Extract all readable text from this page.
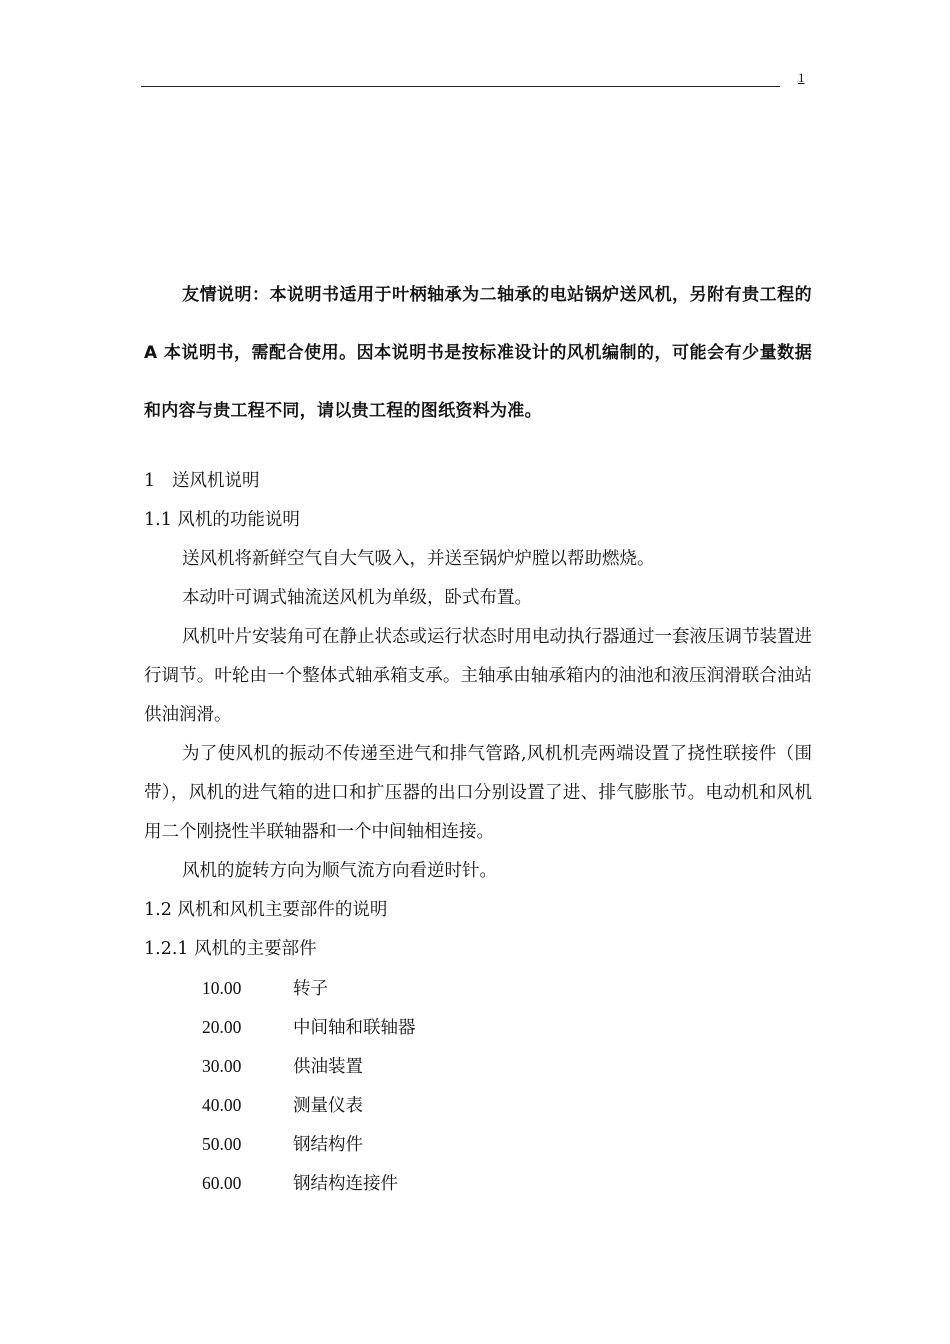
1

友情说明：本说明书适用于叶柄轴承为二轴承的电站锅炉送风机，另附有贵工程的 A 本说明书，需配合使用。因本说明书是按标准设计的风机编制的，可能会有少量数据和内容与贵工程不同，请以贵工程的图纸资料为准。

1 送风机说明
1.1 风机的功能说明

送风机将新鲜空气自大气吸入，并送至锅炉炉膛以帮助燃烧。

本动叶可调式轴流送风机为单级，卧式布置。

风机叶片安装角可在静止状态或运行状态时用电动执行器通过一套液压调节装置进行调节。叶轮由一个整体式轴承箱支承。主轴承由轴承箱内的油池和液压润滑联合油站供油润滑。

为了使风机的振动不传递至进气和排气管路,风机机壳两端设置了挠性联接件（围带），风机的进气箱的进口和扩压器的出口分别设置了进、排气膨胀节。电动机和风机用二个刚挠性半联轴器和一个中间轴相连接。

风机的旋转方向为顺气流方向看逆时针。

1.2 风机和风机主要部件的说明
1.2.1 风机的主要部件
10.00	转子
20.00	中间轴和联轴器
30.00	供油装置
40.00	测量仪表
50.00	钢结构件
60.00	钢结构连接件
